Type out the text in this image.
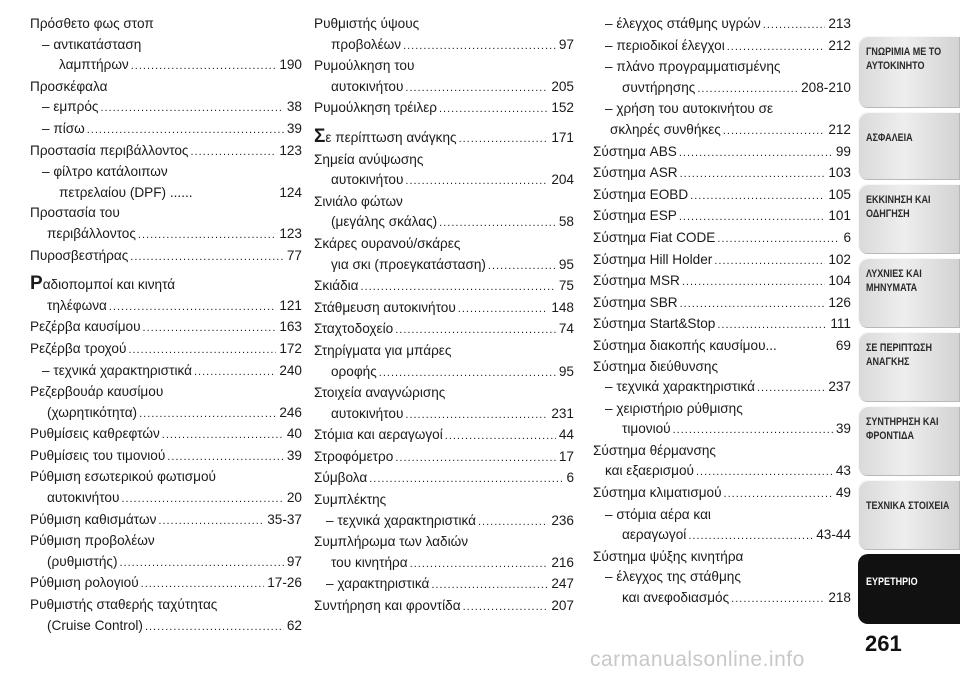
Πρόσθετο φως στοπ
– αντικατάσταση
λαμπτήρων .....	190
Προσκέφαλα
– εμπρός .....	38
– πίσω .....	39
Προστασία περιβάλλοντος .....	123
– φίλτρο κατάλοιπων
πετρελαίου (DPF) ......	124
Προστασία του
περιβάλλοντος .....	123
Πυροσβεστήρας .....	77
Ρ αδιοπομποί και κινητά
τηλέφωνα .....	121
Ρεζέρβα καυσίμου .....	163
Ρεζέρβα τροχού .....	172
– τεχνικά χαρακτηριστικά .....	240
Ρεζερβουάρ καυσίμου
(χωρητικότητα) .....	246
Ρυθμίσεις καθρεφτών .....	40
Ρυθμίσεις του τιμονιού .....	39
Ρύθμιση εσωτερικού φωτισμού
αυτοκινήτου .....	20
Ρύθμιση καθισμάτων .....	35-37
Ρύθμιση προβολέων
(ρυθμιστής) .....	97
Ρύθμιση ρολογιού .....	17-26
Ρυθμιστής σταθερής ταχύτητας
(Cruise Control) .....	62
Ρυθμιστής ύψους
προβολέων .....	97
Ρυμούλκηση του
αυτοκινήτου .....	205
Ρυμούλκηση τρέιλερ .....	152
Σ ε περίπτωση ανάγκης .....	171
Σημεία ανύψωσης
αυτοκινήτου .....	204
Σινιάλο φώτων
(μεγάλης σκάλας) .....	58
Σκάρες ουρανού/σκάρες
για σκι (προεγκατάσταση) .....	95
Σκιάδια .....	75
Στάθμευση αυτοκινήτου .....	148
Σταχτοδοχείο .....	74
Στηρίγματα για μπάρες
οροφής .....	95
Στοιχεία αναγνώρισης
αυτοκινήτου .....	231
Στόμια και αεραγωγοί .....	44
Στροφόμετρο .....	17
Σύμβολα .....	6
Συμπλέκτης
– τεχνικά χαρακτηριστικά .....	236
Συμπλήρωμα των λαδιών
του κινητήρα .....	216
– χαρακτηριστικά .....	247
Συντήρηση και φροντίδα .....	207
– έλεγχος στάθμης υγρών .....	213
– περιοδικοί έλεγχοι .....	212
– πλάνο προγραμματισμένης
συντήρησης .....	208-210
– χρήση του αυτοκινήτου σε
σκληρές συνθήκες .....	212
Σύστημα ABS .....	99
Σύστημα ASR .....	103
Σύστημα EOBD .....	105
Σύστημα ESP .....	101
Σύστημα Fiat CODE .....	6
Σύστημα Hill Holder .....	102
Σύστημα MSR .....	104
Σύστημα SBR .....	126
Σύστημα Start&Stop .....	111
Σύστημα διακοπής καυσίμου...	69
Σύστημα διεύθυνσης
– τεχνικά χαρακτηριστικά .....	237
– χειριστήριο ρύθμισης
τιμονιού .....	39
Σύστημα θέρμανσης
και εξαερισμού .....	43
Σύστημα κλιματισμού .....	49
– στόμια αέρα και
αεραγωγοί .....	43-44
Σύστημα ψύξης κινητήρα
– έλεγχος της στάθμης
και ανεφοδιασμός .....	218
ΓΝΩΡΙΜΙΑ ΜΕ ΤΟ
ΑΥΤΟΚΙΝΗΤΟ
ΑΣΦΑΛΕΙΑ
ΕΚΚΙΝΗΣΗ ΚΑΙ
ΟΔΗΓΗΣΗ
ΛΥΧΝΙΕΣ ΚΑΙ
ΜΗΝΥΜΑΤΑ
ΣΕ ΠΕΡΙΠΤΩΣΗ
ΑΝΑΓΚΗΣ
ΣΥΝΤΗΡΗΣΗ ΚΑΙ
ΦΡΟΝΤΙΔΑ
ΤΕΧΝΙΚΑ ΣΤΟΙΧΕΙΑ
ΕΥΡΕΤΗΡΙΟ
261
carmanualsonline.info
